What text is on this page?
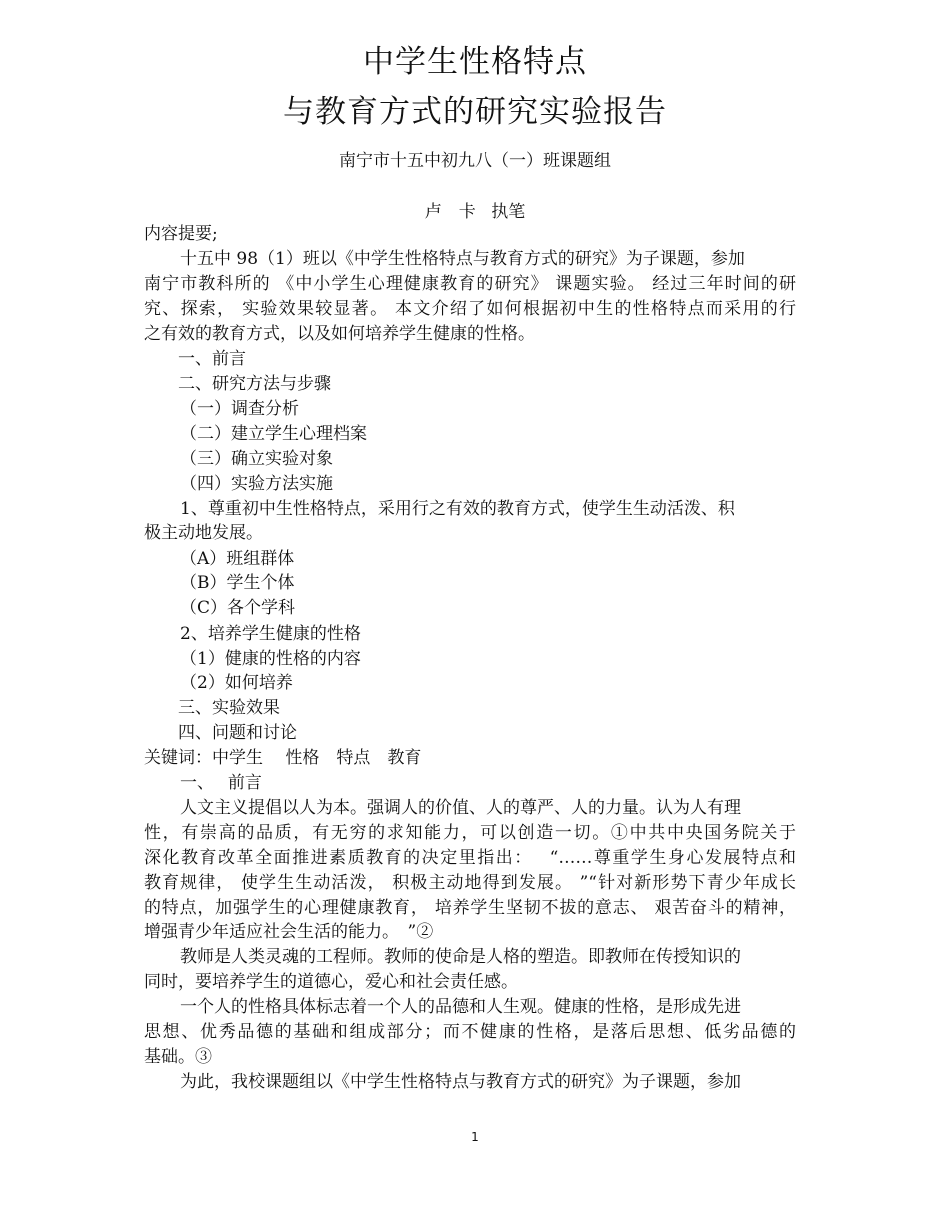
中学生性格特点
与教育方式的研究实验报告
南宁市十五中初九八（一）班课题组
卢　卡 执笔
内容提要;
十五中 98（1）班以《中学生性格特点与教育方式的研究》为子课题，参加
南宁市教科所的 《中小学生心理健康教育的研究》 课题实验。 经过三年时间的研
究、探索， 实验效果较显著。 本文介绍了如何根据初中生的性格特点而采用的行
之有效的教育方式，以及如何培养学生健康的性格。
一、前言
二、研究方法与步骤
（一）调查分析
（二）建立学生心理档案
（三）确立实验对象
（四）实验方法实施
1、尊重初中生性格特点，采用行之有效的教育方式，使学生生动活泼、积
极主动地发展。
（A）班组群体
（B）学生个体
（C）各个学科
2、培养学生健康的性格
（1）健康的性格的内容
（2）如何培养
三、实验效果
四、问题和讨论
关键词：中学生　 性格　特点　教育
一、　 前言
人文主义提倡以人为本。强调人的价值、人的尊严、人的力量。认为人有理
性，有崇高的品质，有无穷的求知能力，可以创造一切。①中共中央国务院关于
深化教育改革全面推进素质教育的决定里指出：　 “……尊重学生身心发展特点和
教育规律， 使学生生动活泼， 积极主动地得到发展。 ”“针对新形势下青少年成长
的特点，加强学生的心理健康教育， 培养学生坚韧不拔的意志、 艰苦奋斗的精神，
增强青少年适应社会生活的能力。　”②
教师是人类灵魂的工程师。教师的使命是人格的塑造。即教师在传授知识的
同时，要培养学生的道德心，爱心和社会责任感。
一个人的性格具体标志着一个人的品德和人生观。健康的性格，是形成先进
思想、优秀品德的基础和组成部分；而不健康的性格，是落后思想、低劣品德的
基础。③
为此，我校课题组以《中学生性格特点与教育方式的研究》为子课题，参加
1
